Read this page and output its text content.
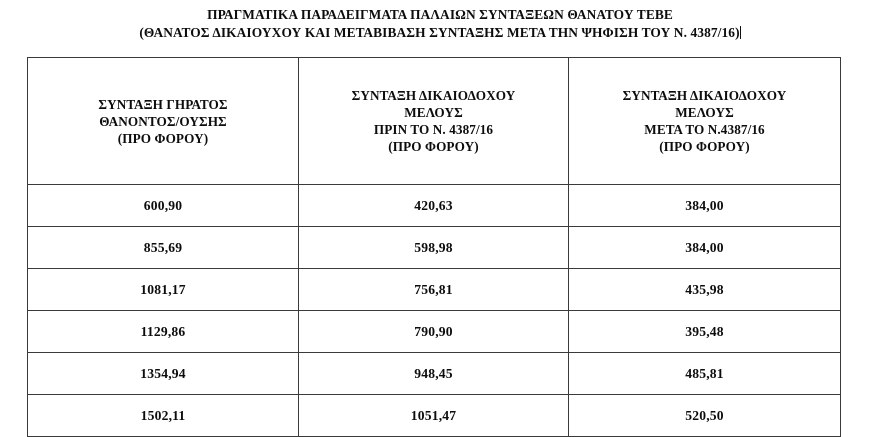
ΠΡΑΓΜΑΤΙΚΑ ΠΑΡΑΔΕΙΓΜΑΤΑ ΠΑΛΑΙΩΝ ΣΥΝΤΑΞΕΩΝ ΘΑΝΑΤΟΥ ΤΕΒΕ
(ΘΑΝΑΤΟΣ ΔΙΚΑΙΟΥΧΟΥ ΚΑΙ ΜΕΤΑΒΙΒΑΣΗ ΣΥΝΤΑΞΗΣ ΜΕΤΑ ΤΗΝ ΨΗΦΙΣΗ ΤΟΥ Ν. 4387/16)
ΣΥΝΤΑΞΗ ΓΗΡΑΤΟΣ
ΘΑΝΟΝΤΟΣ/ΟΥΣΗΣ
(ΠΡΟ ΦΟΡΟΥ)	ΣΥΝΤΑΞΗ ΔΙΚΑΙΟΔΟΧΟΥ
ΜΕΛΟΥΣ
ΠΡΙΝ ΤΟ Ν. 4387/16
(ΠΡΟ ΦΟΡΟΥ)	ΣΥΝΤΑΞΗ ΔΙΚΑΙΟΔΟΧΟΥ
ΜΕΛΟΥΣ
ΜΕΤΑ ΤΟ Ν.4387/16
(ΠΡΟ ΦΟΡΟΥ)

600,90	420,63	384,00
855,69	598,98	384,00
1081,17	756,81	435,98
1129,86	790,90	395,48
1354,94	948,45	485,81
1502,11	1051,47	520,50
